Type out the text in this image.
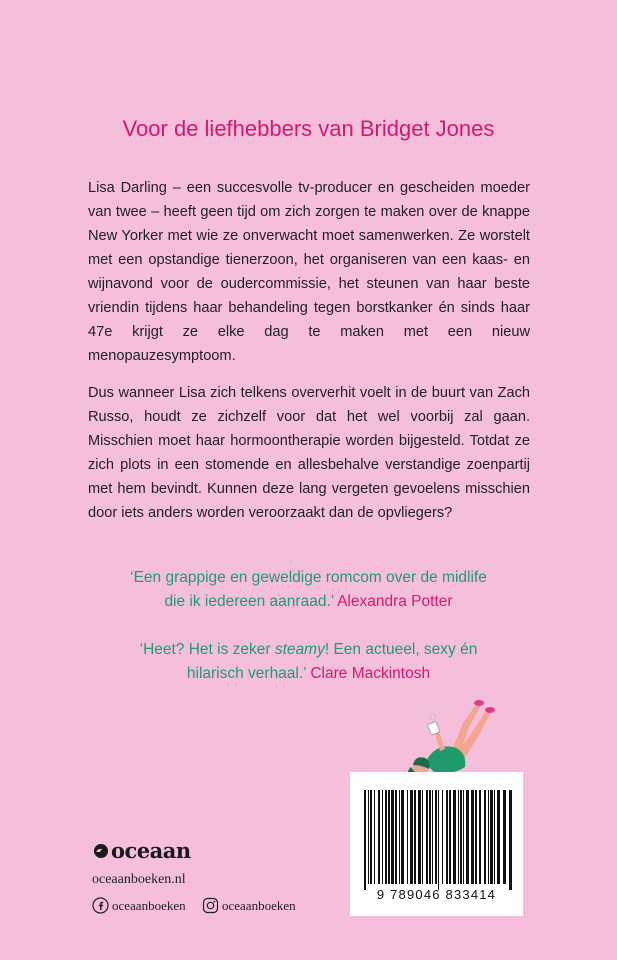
Voor de liefhebbers van Bridget Jones

Lisa Darling – een succesvolle tv-producer en gescheiden moeder van twee – heeft geen tijd om zich zorgen te maken over de knappe New Yorker met wie ze onverwacht moet samenwerken. Ze worstelt met een opstandige tienerzoon, het organiseren van een kaas- en wijnavond voor de oudercommissie, het steunen van haar beste vriendin tijdens haar behandeling tegen borstkanker én sinds haar 47e krijgt ze elke dag te maken met een nieuw menopauzesymptoom.

Dus wanneer Lisa zich telkens oververhit voelt in de buurt van Zach Russo, houdt ze zichzelf voor dat het wel voorbij zal gaan. Misschien moet haar hormoontherapie worden bijgesteld. Totdat ze zich plots in een stomende en allesbehalve verstandige zoenpartij met hem bevindt. Kunnen deze lang vergeten gevoelens misschien door iets anders worden veroorzaakt dan de opvliegers?

‘Een grappige en geweldige romcom over de midlife
die ik iedereen aanraad.’ Alexandra Potter
‘Heet? Het is zeker steamy! Een actueel, sexy én
hilarisch verhaal.’ Clare Mackintosh
9 789046 833414
oceaan
oceaanboeken.nl
oceaanboeken	oceaanboeken
